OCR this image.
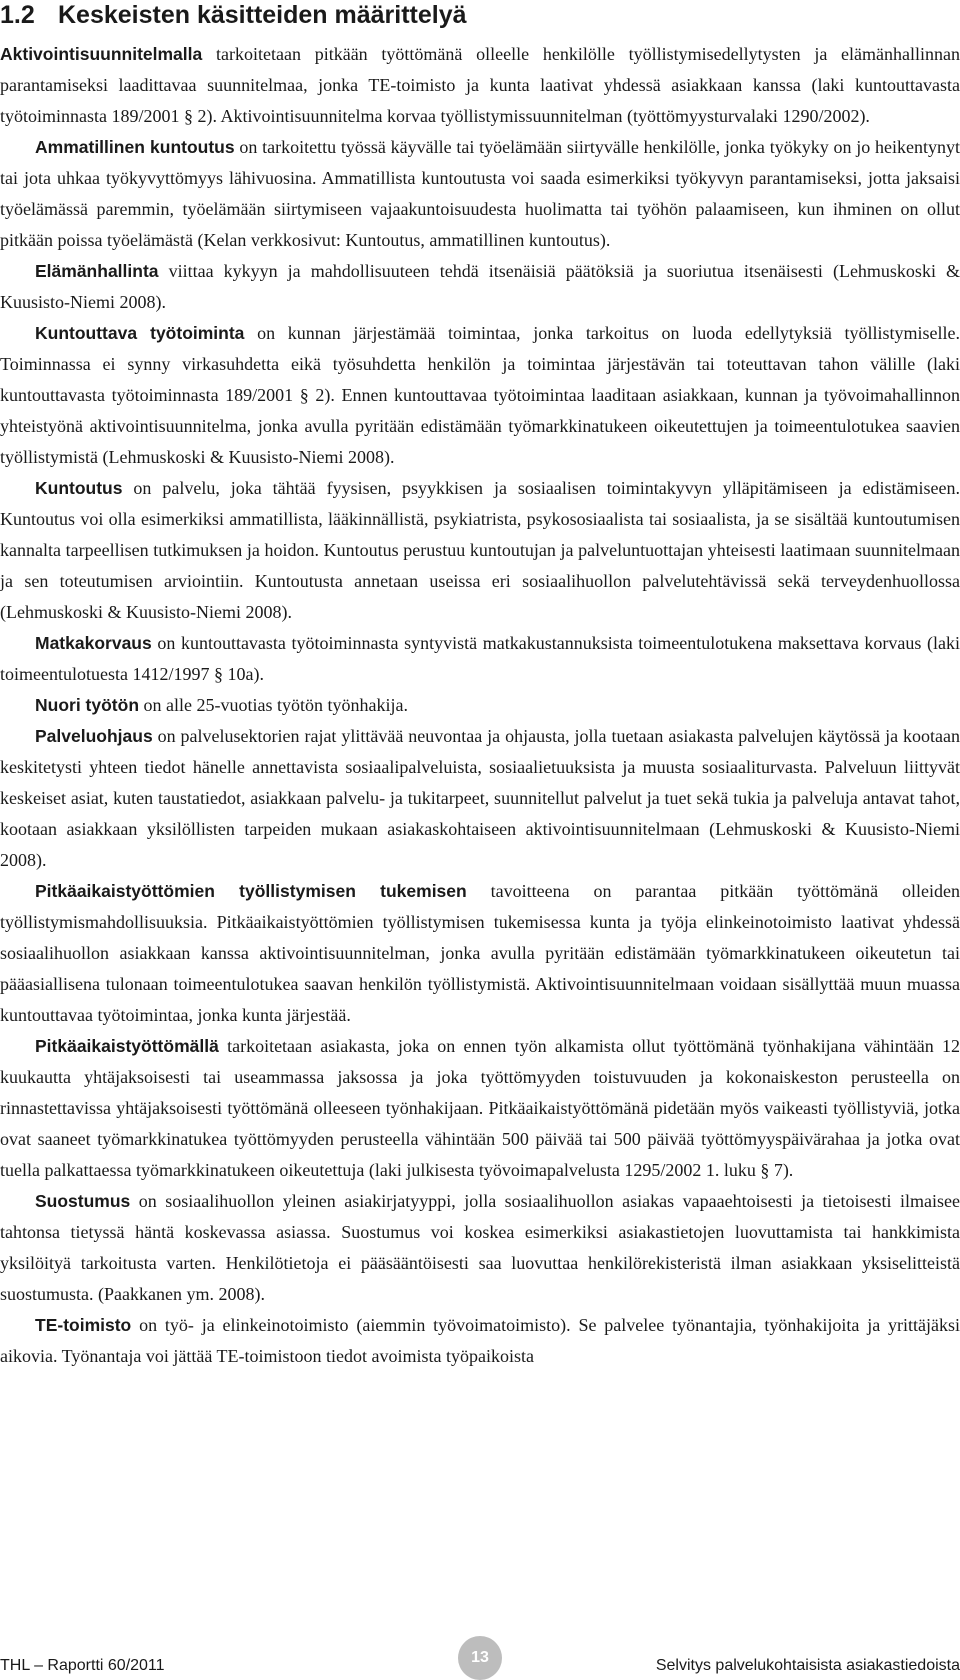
1.2 Keskeisten käsitteiden määrittelyä

Aktivointisuunnitelmalla tarkoitetaan pitkään työttömänä olleelle henkilölle työllistymisedellytysten ja elämänhallinnan parantamiseksi laadittavaa suunnitelmaa, jonka TE-toimisto ja kunta laativat yhdessä asiakkaan kanssa (laki kuntouttavasta työtoiminnasta 189/2001 § 2). Aktivointisuunnitelma korvaa työllistymissuunnitelman (työttömyysturvalaki 1290/2002).

Ammatillinen kuntoutus on tarkoitettu työssä käyvälle tai työelämään siirtyvälle henkilölle, jonka työkyky on jo heikentynyt tai jota uhkaa työkyvyttömyys lähivuosina. Ammatillista kuntoutusta voi saada esimerkiksi työkyvyn parantamiseksi, jotta jaksaisi työelämässä paremmin, työelämään siirtymiseen vajaakuntoisuudesta huolimatta tai työhön palaamiseen, kun ihminen on ollut pitkään poissa työelämästä (Kelan verkkosivut: Kuntoutus, ammatillinen kuntoutus).

Elämänhallinta viittaa kykyyn ja mahdollisuuteen tehdä itsenäisiä päätöksiä ja suoriutua itsenäisesti (Lehmuskoski & Kuusisto-Niemi 2008).

Kuntouttava työtoiminta on kunnan järjestämää toimintaa, jonka tarkoitus on luoda edellytyksiä työllistymiselle. Toiminnassa ei synny virkasuhdetta eikä työsuhdetta henkilön ja toimintaa järjestävän tai toteuttavan tahon välille (laki kuntouttavasta työtoiminnasta 189/2001 § 2). Ennen kuntouttavaa työtoimintaa laaditaan asiakkaan, kunnan ja työvoimahallinnon yhteistyönä aktivointisuunnitelma, jonka avulla pyritään edistämään työmarkkinatukeen oikeutettujen ja toimeentulotukea saavien työllistymistä (Lehmuskoski & Kuusisto-Niemi 2008).

Kuntoutus on palvelu, joka tähtää fyysisen, psyykkisen ja sosiaalisen toimintakyvyn ylläpitämiseen ja edistämiseen. Kuntoutus voi olla esimerkiksi ammatillista, lääkinnällistä, psykiatrista, psykososiaalista tai sosiaalista, ja se sisältää kuntoutumisen kannalta tarpeellisen tutkimuksen ja hoidon. Kuntoutus perustuu kuntoutujan ja palveluntuottajan yhteisesti laatimaan suunnitelmaan ja sen toteutumisen arviointiin. Kuntoutusta annetaan useissa eri sosiaalihuollon palvelutehtävissä sekä terveydenhuollossa (Lehmuskoski & Kuusisto-Niemi 2008).

Matkakorvaus on kuntouttavasta työtoiminnasta syntyvistä matkakustannuksista toimeentulotukena maksettava korvaus (laki toimeentulotuesta 1412/1997 § 10a).

Nuori työtön on alle 25-vuotias työtön työnhakija.

Palveluohjaus on palvelusektorien rajat ylittävää neuvontaa ja ohjausta, jolla tuetaan asiakasta palvelujen käytössä ja kootaan keskitetysti yhteen tiedot hänelle annettavista sosiaalipalveluista, sosiaalietuuksista ja muusta sosiaaliturvasta. Palveluun liittyvät keskeiset asiat, kuten taustatiedot, asiakkaan palvelu- ja tukitarpeet, suunnitellut palvelut ja tuet sekä tukia ja palveluja antavat tahot, kootaan asiakkaan yksilöllisten tarpeiden mukaan asiakaskohtaiseen aktivointisuunnitelmaan (Lehmuskoski & Kuusisto-Niemi 2008).

Pitkäaikaistyöttömien työllistymisen tukemisen tavoitteena on parantaa pitkään työttömänä olleiden työllistymismahdollisuuksia. Pitkäaikaistyöttömien työllistymisen tukemisessa kunta ja työja elinkeinotoimisto laativat yhdessä sosiaalihuollon asiakkaan kanssa aktivointisuunnitelman, jonka avulla pyritään edistämään työmarkkinatukeen oikeutetun tai pääasiallisena tulonaan toimeentulotukea saavan henkilön työllistymistä. Aktivointisuunnitelmaan voidaan sisällyttää muun muassa kuntouttavaa työtoimintaa, jonka kunta järjestää.

Pitkäaikaistyöttömällä tarkoitetaan asiakasta, joka on ennen työn alkamista ollut työttömänä työnhakijana vähintään 12 kuukautta yhtäjaksoisesti tai useammassa jaksossa ja joka työttömyyden toistuvuuden ja kokonaiskeston perusteella on rinnastettavissa yhtäjaksoisesti työttömänä olleeseen työnhakijaan. Pitkäaikaistyöttömänä pidetään myös vaikeasti työllistyviä, jotka ovat saaneet työmarkkinatukea työttömyyden perusteella vähintään 500 päivää tai 500 päivää työttömyyspäivärahaa ja jotka ovat tuella palkattaessa työmarkkinatukeen oikeutettuja (laki julkisesta työvoimapalvelusta 1295/2002 1. luku § 7).

Suostumus on sosiaalihuollon yleinen asiakirjatyyppi, jolla sosiaalihuollon asiakas vapaaehtoisesti ja tietoisesti ilmaisee tahtonsa tietyssä häntä koskevassa asiassa. Suostumus voi koskea esimerkiksi asiakastietojen luovuttamista tai hankkimista yksilöityä tarkoitusta varten. Henkilötietoja ei pääsääntöisesti saa luovuttaa henkilörekisteristä ilman asiakkaan yksiselitteistä suostumusta. (Paakkanen ym. 2008).

TE-toimisto on työ- ja elinkeinotoimisto (aiemmin työvoimatoimisto). Se palvelee työnantajia, työnhakijoita ja yrittäjäksi aikovia. Työnantaja voi jättää TE-toimistoon tiedot avoimista työpaikoista

THL – Raportti 60/2011	13	Selvitys palvelukohtaisista asiakastiedoista
